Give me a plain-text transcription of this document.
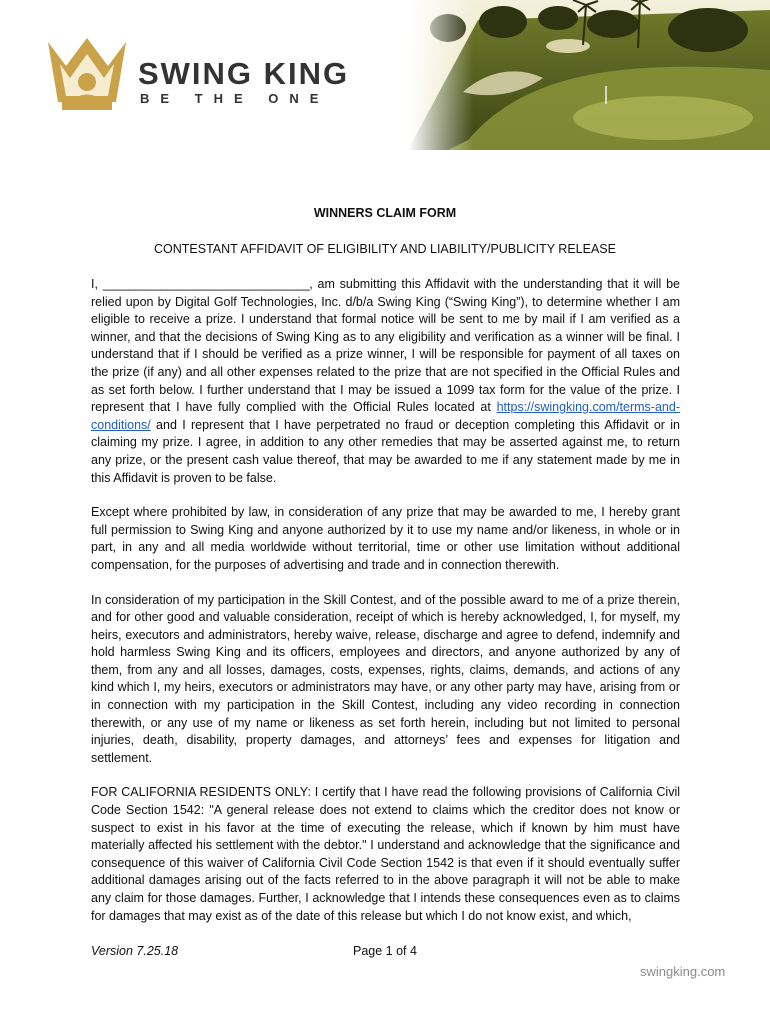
SWING KING
BE THE ONE
WINNERS CLAIM FORM
CONTESTANT AFFIDAVIT OF ELIGIBILITY AND LIABILITY/PUBLICITY RELEASE

I, ________________________________, am submitting this Affidavit with the understanding that it will be relied upon by Digital Golf Technologies, Inc. d/b/a Swing King (“Swing King”), to determine whether I am eligible to receive a prize. I understand that formal notice will be sent to me by mail if I am verified as a winner, and that the decisions of Swing King as to any eligibility and verification as a winner will be final. I understand that if I should be verified as a prize winner, I will be responsible for payment of all taxes on the prize (if any) and all other expenses related to the prize that are not specified in the Official Rules and as set forth below. I further understand that I may be issued a 1099 tax form for the value of the prize. I represent that I have fully complied with the Official Rules located at https://swingking.com/terms-and-conditions/ and I represent that I have perpetrated no fraud or deception completing this Affidavit or in claiming my prize. I agree, in addition to any other remedies that may be asserted against me, to return any prize, or the present cash value thereof, that may be awarded to me if any statement made by me in this Affidavit is proven to be false.

Except where prohibited by law, in consideration of any prize that may be awarded to me, I hereby grant full permission to Swing King and anyone authorized by it to use my name and/or likeness, in whole or in part, in any and all media worldwide without territorial, time or other use limitation without additional compensation, for the purposes of advertising and trade and in connection therewith.

In consideration of my participation in the Skill Contest, and of the possible award to me of a prize therein, and for other good and valuable consideration, receipt of which is hereby acknowledged, I, for myself, my heirs, executors and administrators, hereby waive, release, discharge and agree to defend, indemnify and hold harmless Swing King and its officers, employees and directors, and anyone authorized by any of them, from any and all losses, damages, costs, expenses, rights, claims, demands, and actions of any kind which I, my heirs, executors or administrators may have, or any other party may have, arising from or in connection with my participation in the Skill Contest, including any video recording in connection therewith, or any use of my name or likeness as set forth herein, including but not limited to personal injuries, death, disability, property damages, and attorneys’ fees and expenses for litigation and settlement.

FOR CALIFORNIA RESIDENTS ONLY: I certify that I have read the following provisions of California Civil Code Section 1542: "A general release does not extend to claims which the creditor does not know or suspect to exist in his favor at the time of executing the release, which if known by him must have materially affected his settlement with the debtor." I understand and acknowledge that the significance and consequence of this waiver of California Civil Code Section 1542 is that even if it should eventually suffer additional damages arising out of the facts referred to in the above paragraph it will not be able to make any claim for those damages. Further, I acknowledge that I intends these consequences even as to claims for damages that may exist as of the date of this release but which I do not know exist, and which,

Version 7.25.18	Page 1 of 4
swingking.com
